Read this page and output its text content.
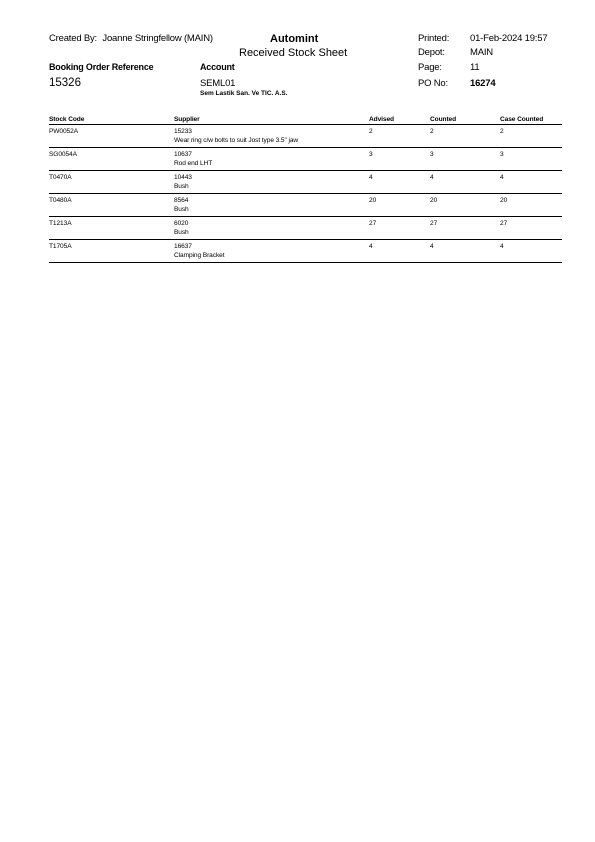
Created By: Joanne Stringfellow (MAIN)	Automint
Received Stock Sheet
Printed: 01-Feb-2024 19:57
Depot:	MAIN
Booking Order Reference	Account	Page:	11
15326	SEML01
Sem Lastik San. Ve TIC. A.S.
PO No: 16274
Stock Code	Supplier	Advised	Counted	Case Counted
PW0052A	15233
Wear ring c/w bolts to suit Jost type 3.5" jaw	2	2	2
SG0054A	10637
Rod end LHT	3	3	3
T0470A	10443
Bush	4	4	4
T0480A	8564
Bush	20	20	20
T1213A	6020
Bush	27	27	27
T1705A	16637
Clamping Bracket	4	4	4
